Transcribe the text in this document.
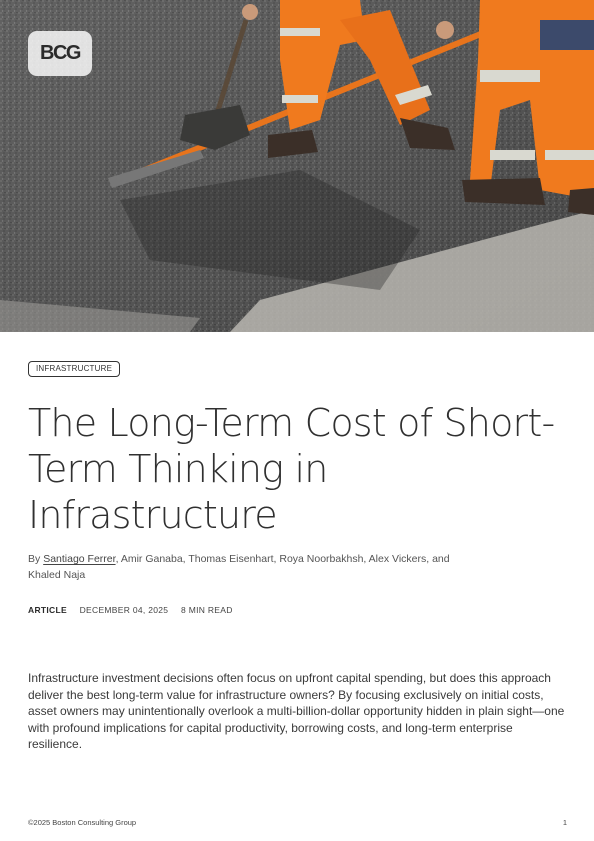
BCG
INFRASTRUCTURE
The Long-Term Cost of Short-Term Thinking in Infrastructure

By Santiago Ferrer, Amir Ganaba, Thomas Eisenhart, Roya Noorbakhsh, Alex Vickers, and Khaled Naja

ARTICLE DECEMBER 04, 2025 8 MIN READ

Infrastructure investment decisions often focus on upfront capital spending, but does this approach deliver the best long-term value for infrastructure owners? By focusing exclusively on initial costs, asset owners may unintentionally overlook a multi-billion-dollar opportunity hidden in plain sight—one with profound implications for capital productivity, borrowing costs, and long-term enterprise resilience.

©2025 Boston Consulting Group	1
